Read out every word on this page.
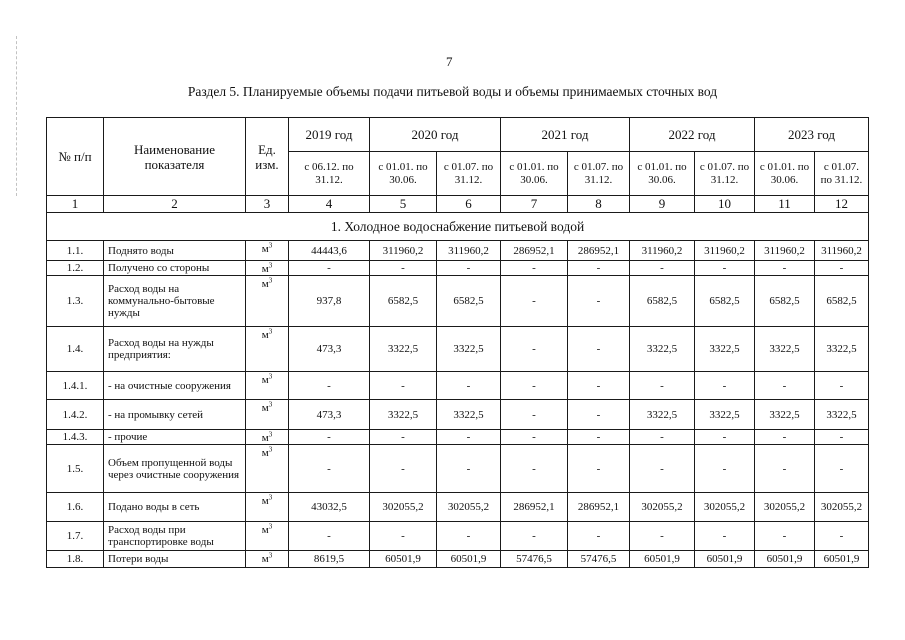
7
Раздел 5. Планируемые объемы подачи питьевой воды и объемы принимаемых сточных вод
№ п/п	Наименование показателя	Ед. изм.	2019 год	2020 год		2021 год		2022 год		2023 год	
			с 06.12. по 31.12.	с 01.01. по 30.06.	с 01.07. по 31.12.	с 01.01. по 30.06.	с 01.07. по 31.12.	с 01.01. по 30.06.	с 01.07. по 31.12.	с 01.01. по 30.06.	с 01.07. по 31.12.
1	2	3	4	5	6	7	8	9	10	11	12
1. Холодное водоснабжение питьевой водой											
1.1.	Поднято воды	$м^3$	44443,6	311960,2	311960,2	286952,1	286952,1	311960,2	311960,2	311960,2	311960,2
1.2.	Получено со стороны	$м^3$	-	-	-	-	-	-	-	-	-
1.3.	Расход воды на коммунально-бытовые нужды	$м^3$	937,8	6582,5	6582,5	-	-	6582,5	6582,5	6582,5	6582,5
1.4.	Расход воды на нужды предприятия:	$м^3$	473,3	3322,5	3322,5	-	-	3322,5	3322,5	3322,5	3322,5
1.4.1.	- на очистные сооружения	$м^3$	-	-	-	-	-	-	-	-	-
1.4.2.	- на промывку сетей	$м^3$	473,3	3322,5	3322,5	-	-	3322,5	3322,5	3322,5	3322,5
1.4.3.	- прочие	$м^3$	-	-	-	-	-	-	-	-	-
1.5.	Объем пропущенной воды через очистные сооружения	$м^3$	-	-	-	-	-	-	-	-	-
1.6.	Подано воды в сеть	$м^3$	43032,5	302055,2	302055,2	286952,1	286952,1	302055,2	302055,2	302055,2	302055,2
1.7.	Расход воды при транспортировке воды	$м^3$	-	-	-	-	-	-	-	-	-
1.8.	Потери воды	$м^3$	8619,5	60501,9	60501,9	57476,5	57476,5	60501,9	60501,9	60501,9	60501,9
